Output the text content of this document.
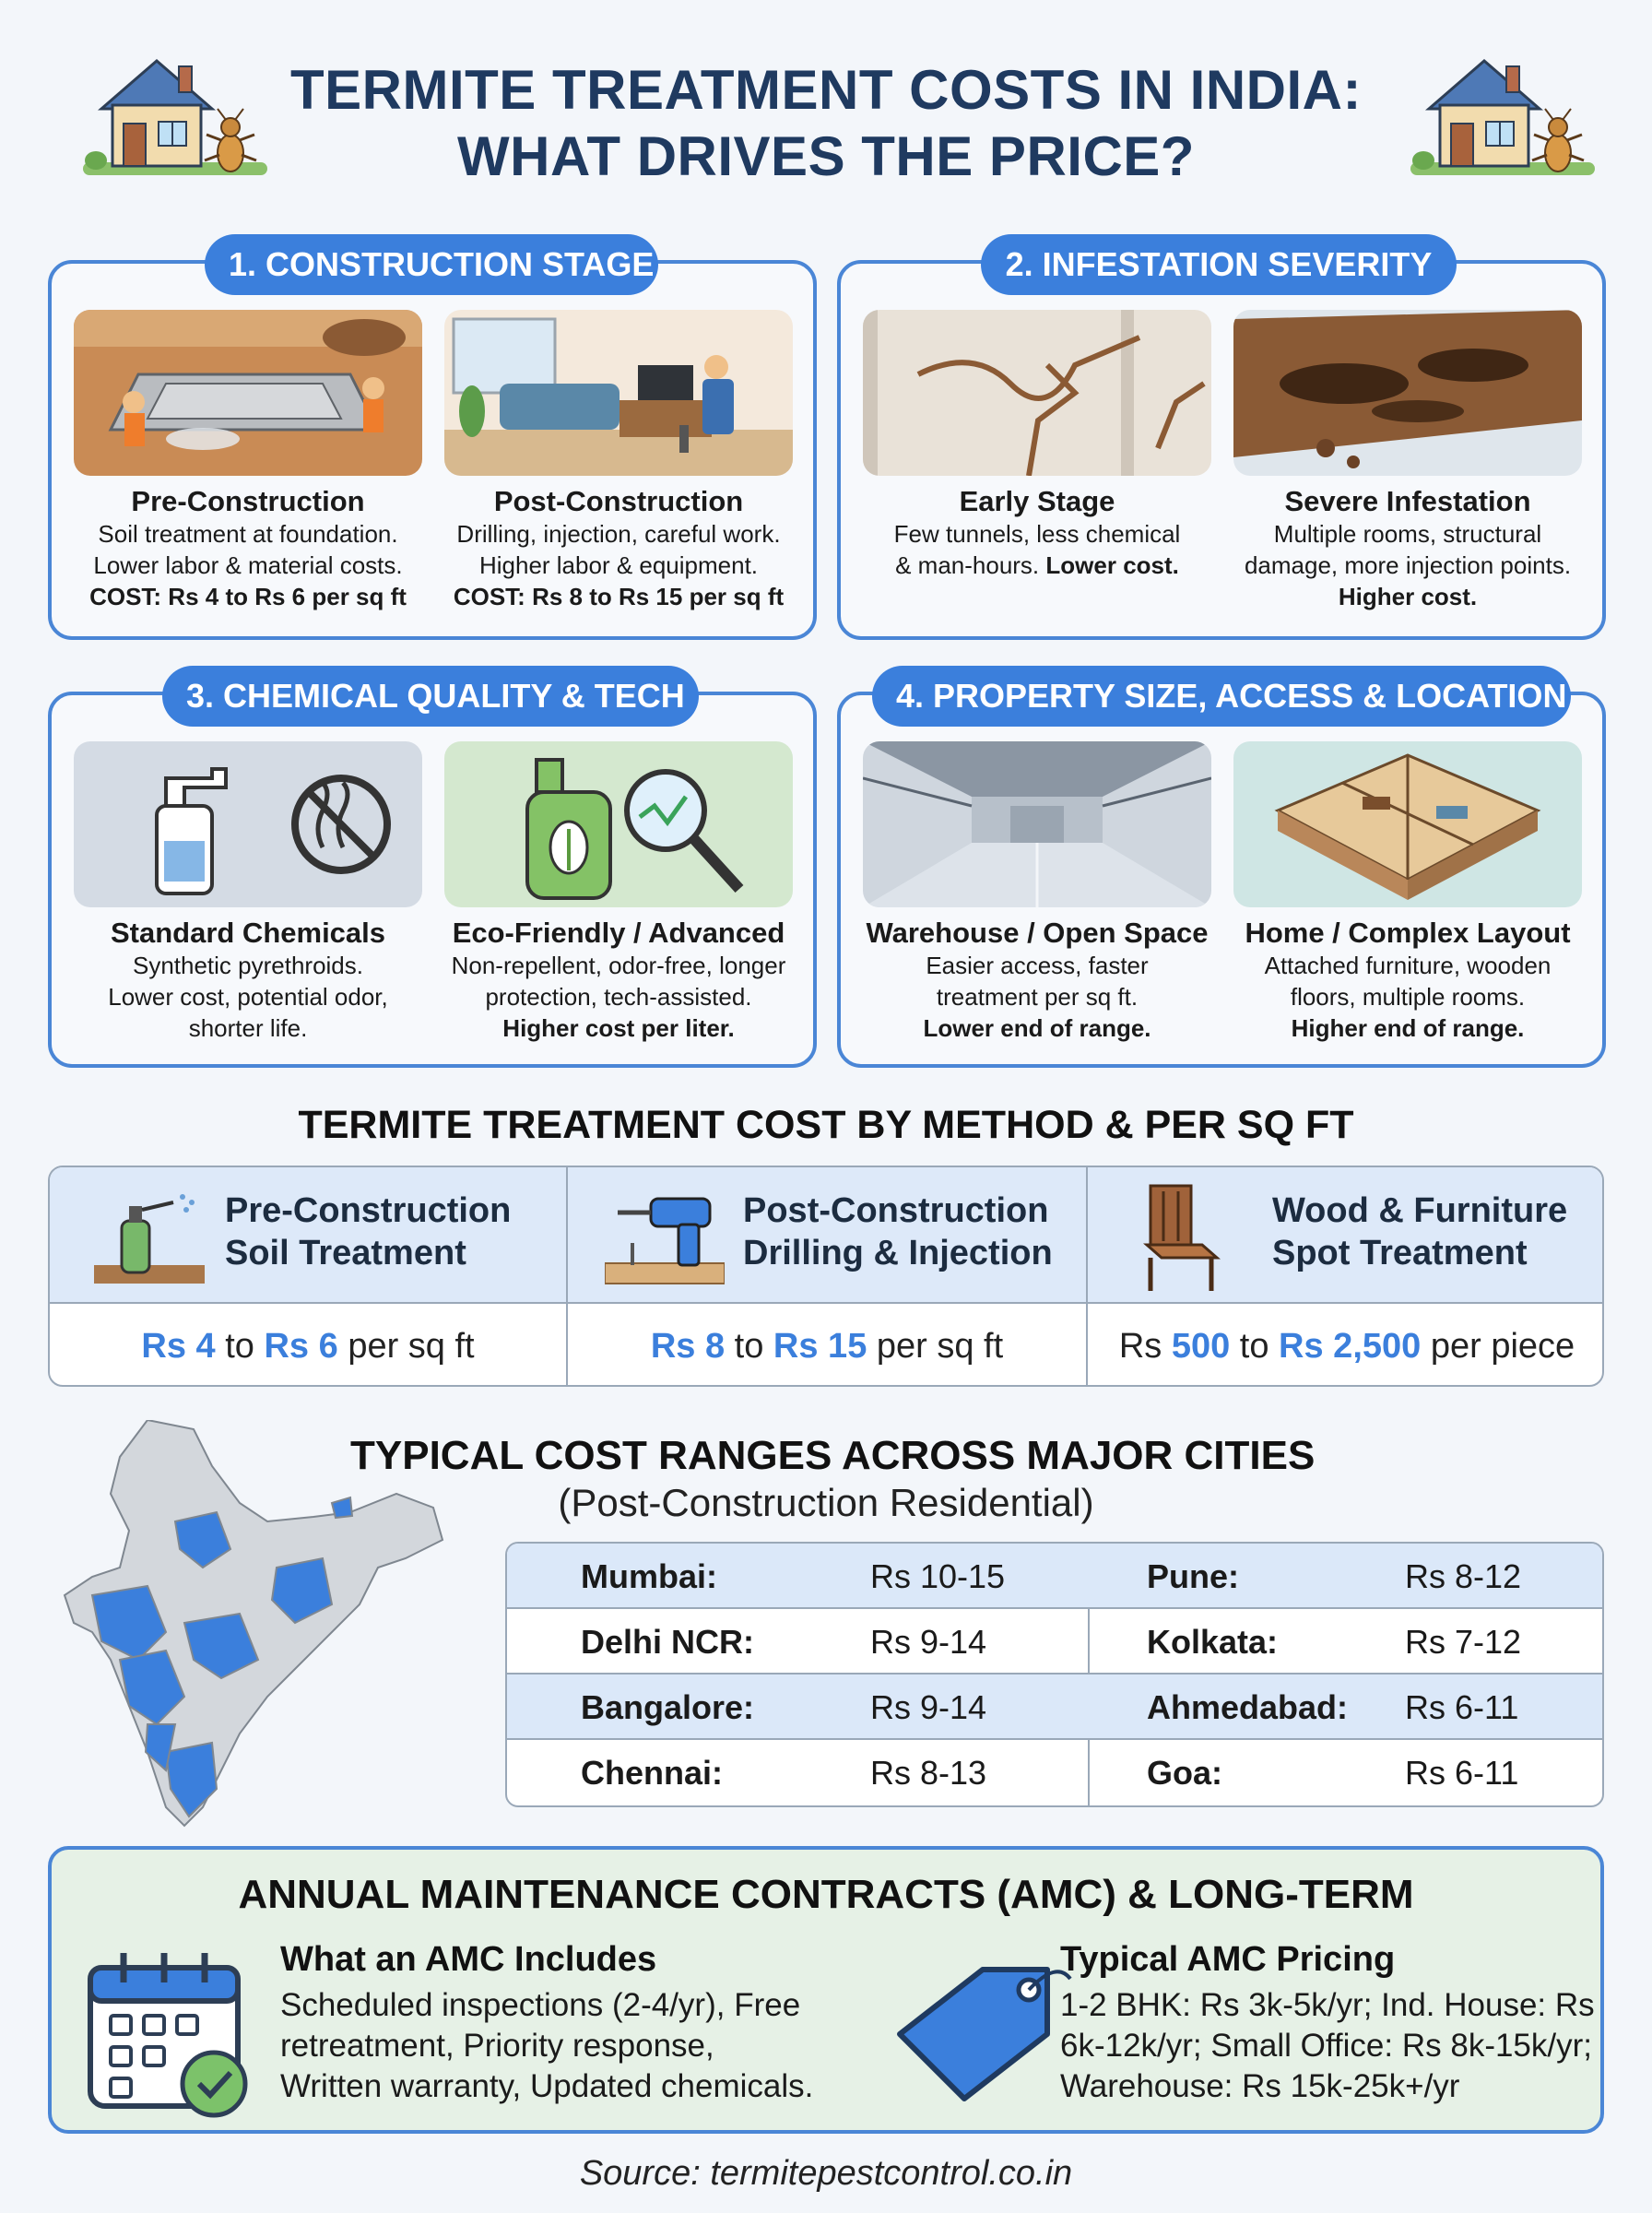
TERMITE TREATMENT COSTS IN INDIA:
WHAT DRIVES THE PRICE?
Pre-Construction
Soil treatment at foundation.
Lower labor & material costs.
COST: Rs 4 to Rs 6 per sq ft
Post-Construction
Drilling, injection, careful work.
Higher labor & equipment.
COST: Rs 8 to Rs 15 per sq ft
1. CONSTRUCTION STAGE
Early Stage
Few tunnels, less chemical
& man-hours. Lower cost.
Severe Infestation
Multiple rooms, structural
damage, more injection points.
Higher cost.
2. INFESTATION SEVERITY
Standard Chemicals
Synthetic pyrethroids.
Lower cost, potential odor,
shorter life.
Eco-Friendly / Advanced
Non-repellent, odor-free, longer
protection, tech-assisted.
Higher cost per liter.
3. CHEMICAL QUALITY & TECH
Warehouse / Open Space
Easier access, faster
treatment per sq ft.
Lower end of range.
Home / Complex Layout
Attached furniture, wooden
floors, multiple rooms.
Higher end of range.
4. PROPERTY SIZE, ACCESS & LOCATION
TERMITE TREATMENT COST BY METHOD & PER SQ FT
Pre-Construction
Soil Treatment
Rs 4 to Rs 6 per sq ft
Post-Construction
Drilling & Injection
Rs 8 to Rs 15 per sq ft
Wood & Furniture
Spot Treatment
Rs 500 to Rs 2,500 per piece
TYPICAL COST RANGES ACROSS MAJOR CITIES
(Post-Construction Residential)
Mumbai:	Rs 10-15	Pune:	Rs 8-12
Delhi NCR:	Rs 9-14	Kolkata:	Rs 7-12
Bangalore:	Rs 9-14	Ahmedabad: Rs 6-11
Chennai:	Rs 8-13	Goa:	Rs 6-11
ANNUAL MAINTENANCE CONTRACTS (AMC) & LONG-TERM
What an AMC Includes
Scheduled inspections (2-4/yr), Free
retreatment, Priority response,
Written warranty, Updated chemicals.
Typical AMC Pricing
1-2 BHK: Rs 3k-5k/yr; Ind. House: Rs
6k-12k/yr; Small Office: Rs 8k-15k/yr;
Warehouse: Rs 15k-25k+/yr
Source: termitepestcontrol.co.in
